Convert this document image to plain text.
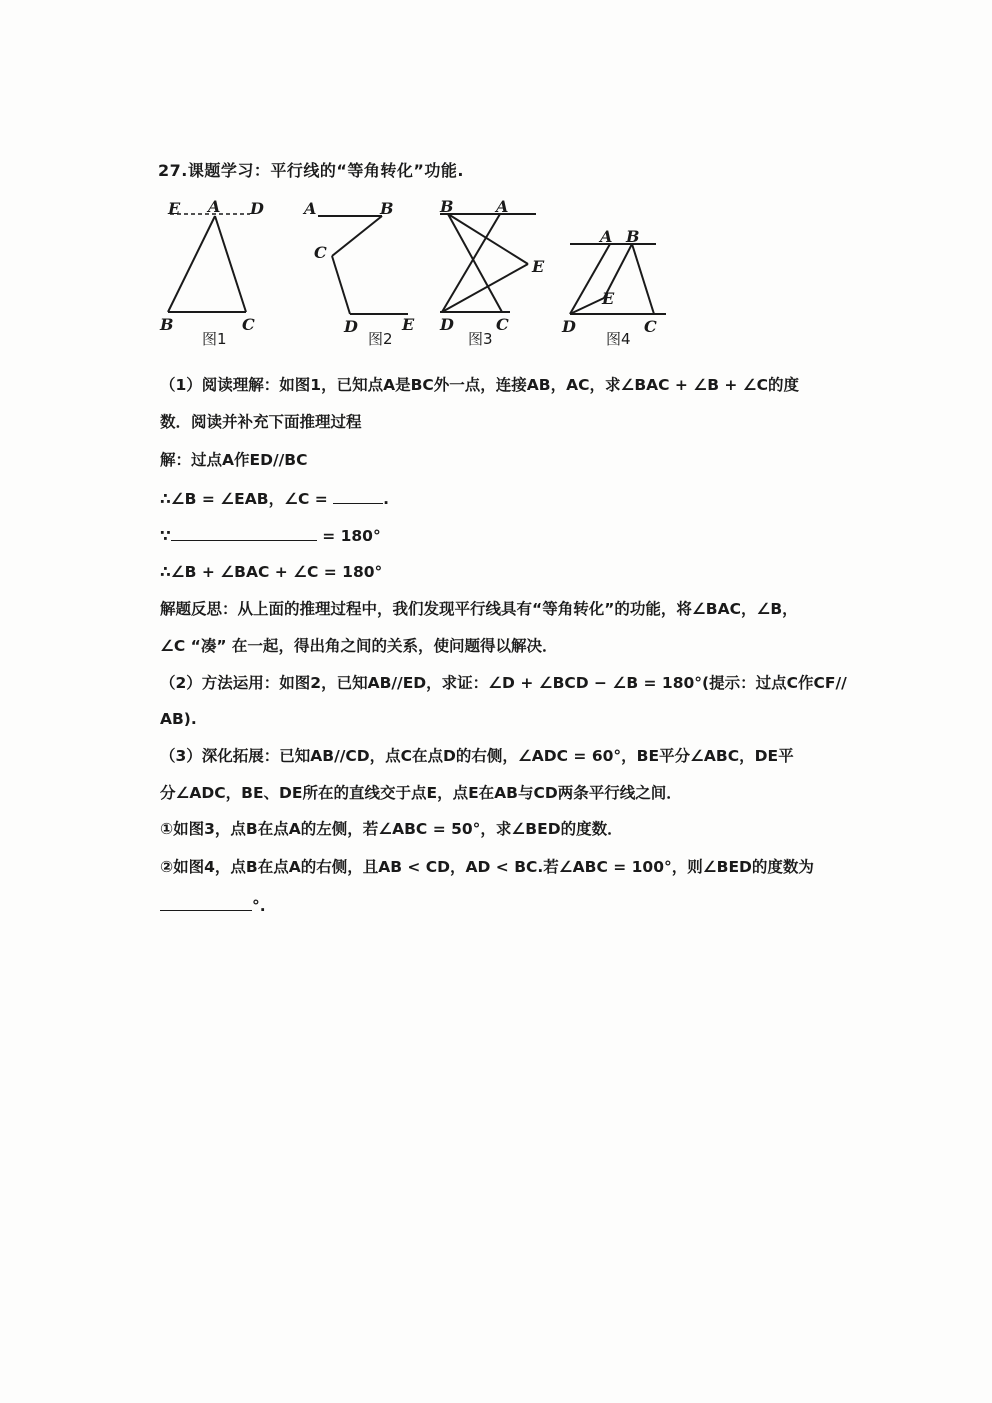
27.课题学习：平行线的“等角转化”功能.
E A D
B	C
图1
A	B
C
D	E
图2
B	A
E
D	C
图3
A B
E
D	C
图4
（1）阅读理解：如图1，已知点A是BC外一点，连接AB，AC，求∠BAC + ∠B + ∠C的度
数．阅读并补充下面推理过程
解：过点A作ED//BC
∴∠B = ∠EAB，∠C =	.
∵	= 180°
∴∠B + ∠BAC + ∠C = 180°
解题反思：从上面的推理过程中，我们发现平行线具有“等角转化”的功能，将∠BAC，∠B，
∠C “凑” 在一起，得出角之间的关系，使问题得以解决．
（2）方法运用：如图2，已知AB//ED，求证：∠D + ∠BCD − ∠B = 180°(提示：过点C作CF//
AB).
（3）深化拓展：已知AB//CD，点C在点D的右侧，∠ADC = 60°，BE平分∠ABC，DE平
分∠ADC，BE、DE所在的直线交于点E，点E在AB与CD两条平行线之间．
①如图3，点B在点A的左侧，若∠ABC = 50°，求∠BED的度数．
②如图4，点B在点A的右侧，且AB < CD，AD < BC.若∠ABC = 100°，则∠BED的度数为
°.
